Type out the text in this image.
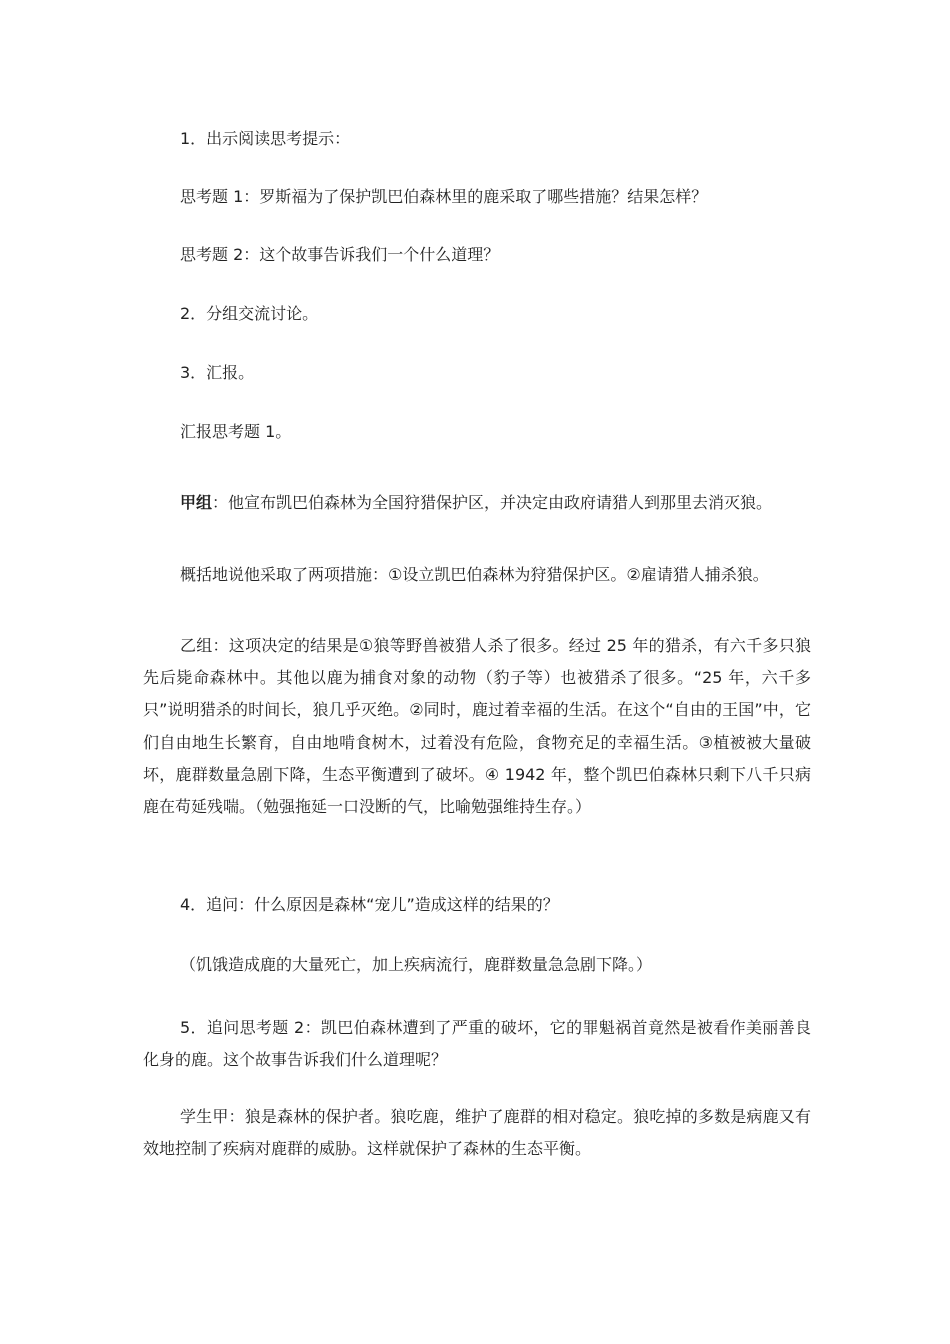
1．出示阅读思考提示：
思考题 1：罗斯福为了保护凯巴伯森林里的鹿采取了哪些措施？结果怎样？
思考题 2：这个故事告诉我们一个什么道理？
2．分组交流讨论。
3．汇报。
汇报思考题 1。
甲组：他宣布凯巴伯森林为全国狩猎保护区，并决定由政府请猎人到那里去消灭狼。
概括地说他采取了两项措施：①设立凯巴伯森林为狩猎保护区。②雇请猎人捕杀狼。
乙组：这项决定的结果是①狼等野兽被猎人杀了很多。经过 25 年的猎杀，有六千多只狼先后毙命森林中。其他以鹿为捕食对象的动物（豹子等）也被猎杀了很多。“25 年，六千多只”说明猎杀的时间长，狼几乎灭绝。②同时，鹿过着幸福的生活。在这个“自由的王国”中，它们自由地生长繁育，自由地啃食树木，过着没有危险，食物充足的幸福生活。③植被被大量破坏，鹿群数量急剧下降，生态平衡遭到了破坏。④ 1942 年，整个凯巴伯森林只剩下八千只病鹿在苟延残喘。（勉强拖延一口没断的气，比喻勉强维持生存。）
4．追问：什么原因是森林“宠儿”造成这样的结果的？
（饥饿造成鹿的大量死亡，加上疾病流行，鹿群数量急急剧下降。）
5．追问思考题 2：凯巴伯森林遭到了严重的破坏，它的罪魁祸首竟然是被看作美丽善良化身的鹿。这个故事告诉我们什么道理呢？
学生甲：狼是森林的保护者。狼吃鹿，维护了鹿群的相对稳定。狼吃掉的多数是病鹿又有效地控制了疾病对鹿群的威胁。这样就保护了森林的生态平衡。
